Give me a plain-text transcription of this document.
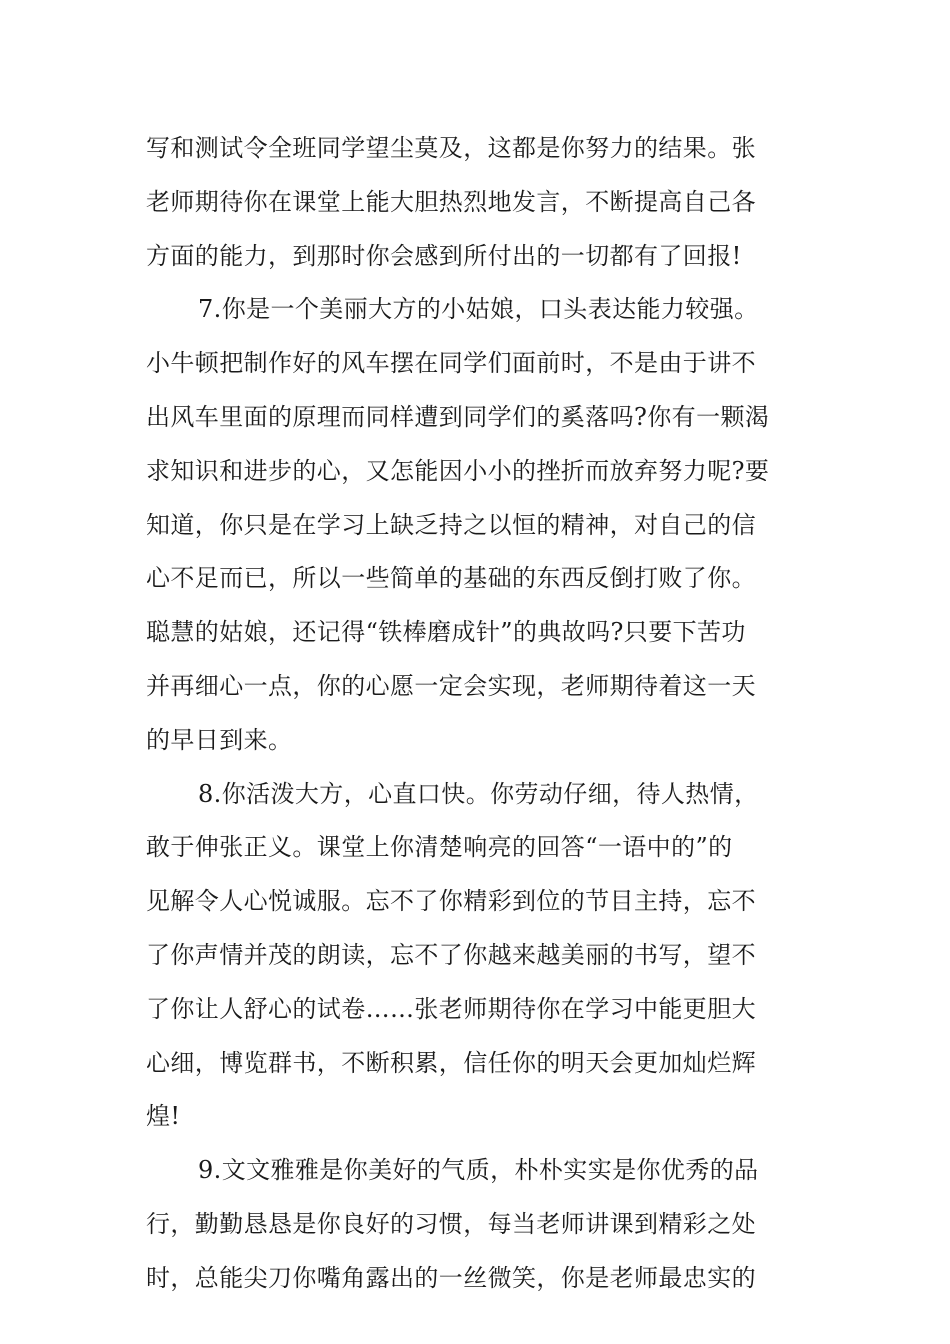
写和测试令全班同学望尘莫及，这都是你努力的结果。张
老师期待你在课堂上能大胆热烈地发言，不断提高自己各
方面的能力，到那时你会感到所付出的一切都有了回报!
7.你是一个美丽大方的小姑娘，口头表达能力较强。
小牛顿把制作好的风车摆在同学们面前时，不是由于讲不
出风车里面的原理而同样遭到同学们的奚落吗?你有一颗渴
求知识和进步的心，又怎能因小小的挫折而放弃努力呢?要
知道，你只是在学习上缺乏持之以恒的精神，对自己的信
心不足而已，所以一些简单的基础的东西反倒打败了你。
聪慧的姑娘，还记得“铁棒磨成针”的典故吗?只要下苦功
并再细心一点，你的心愿一定会实现，老师期待着这一天
的早日到来。
8.你活泼大方，心直口快。你劳动仔细，待人热情，
敢于伸张正义。课堂上你清楚响亮的回答“一语中的”的
见解令人心悦诚服。忘不了你精彩到位的节目主持，忘不
了你声情并茂的朗读，忘不了你越来越美丽的书写，望不
了你让人舒心的试卷……张老师期待你在学习中能更胆大
心细，博览群书，不断积累，信任你的明天会更加灿烂辉
煌!
9.文文雅雅是你美好的气质，朴朴实实是你优秀的品
行，勤勤恳恳是你良好的习惯，每当老师讲课到精彩之处
时，总能尖刀你嘴角露出的一丝微笑，你是老师最忠实的
